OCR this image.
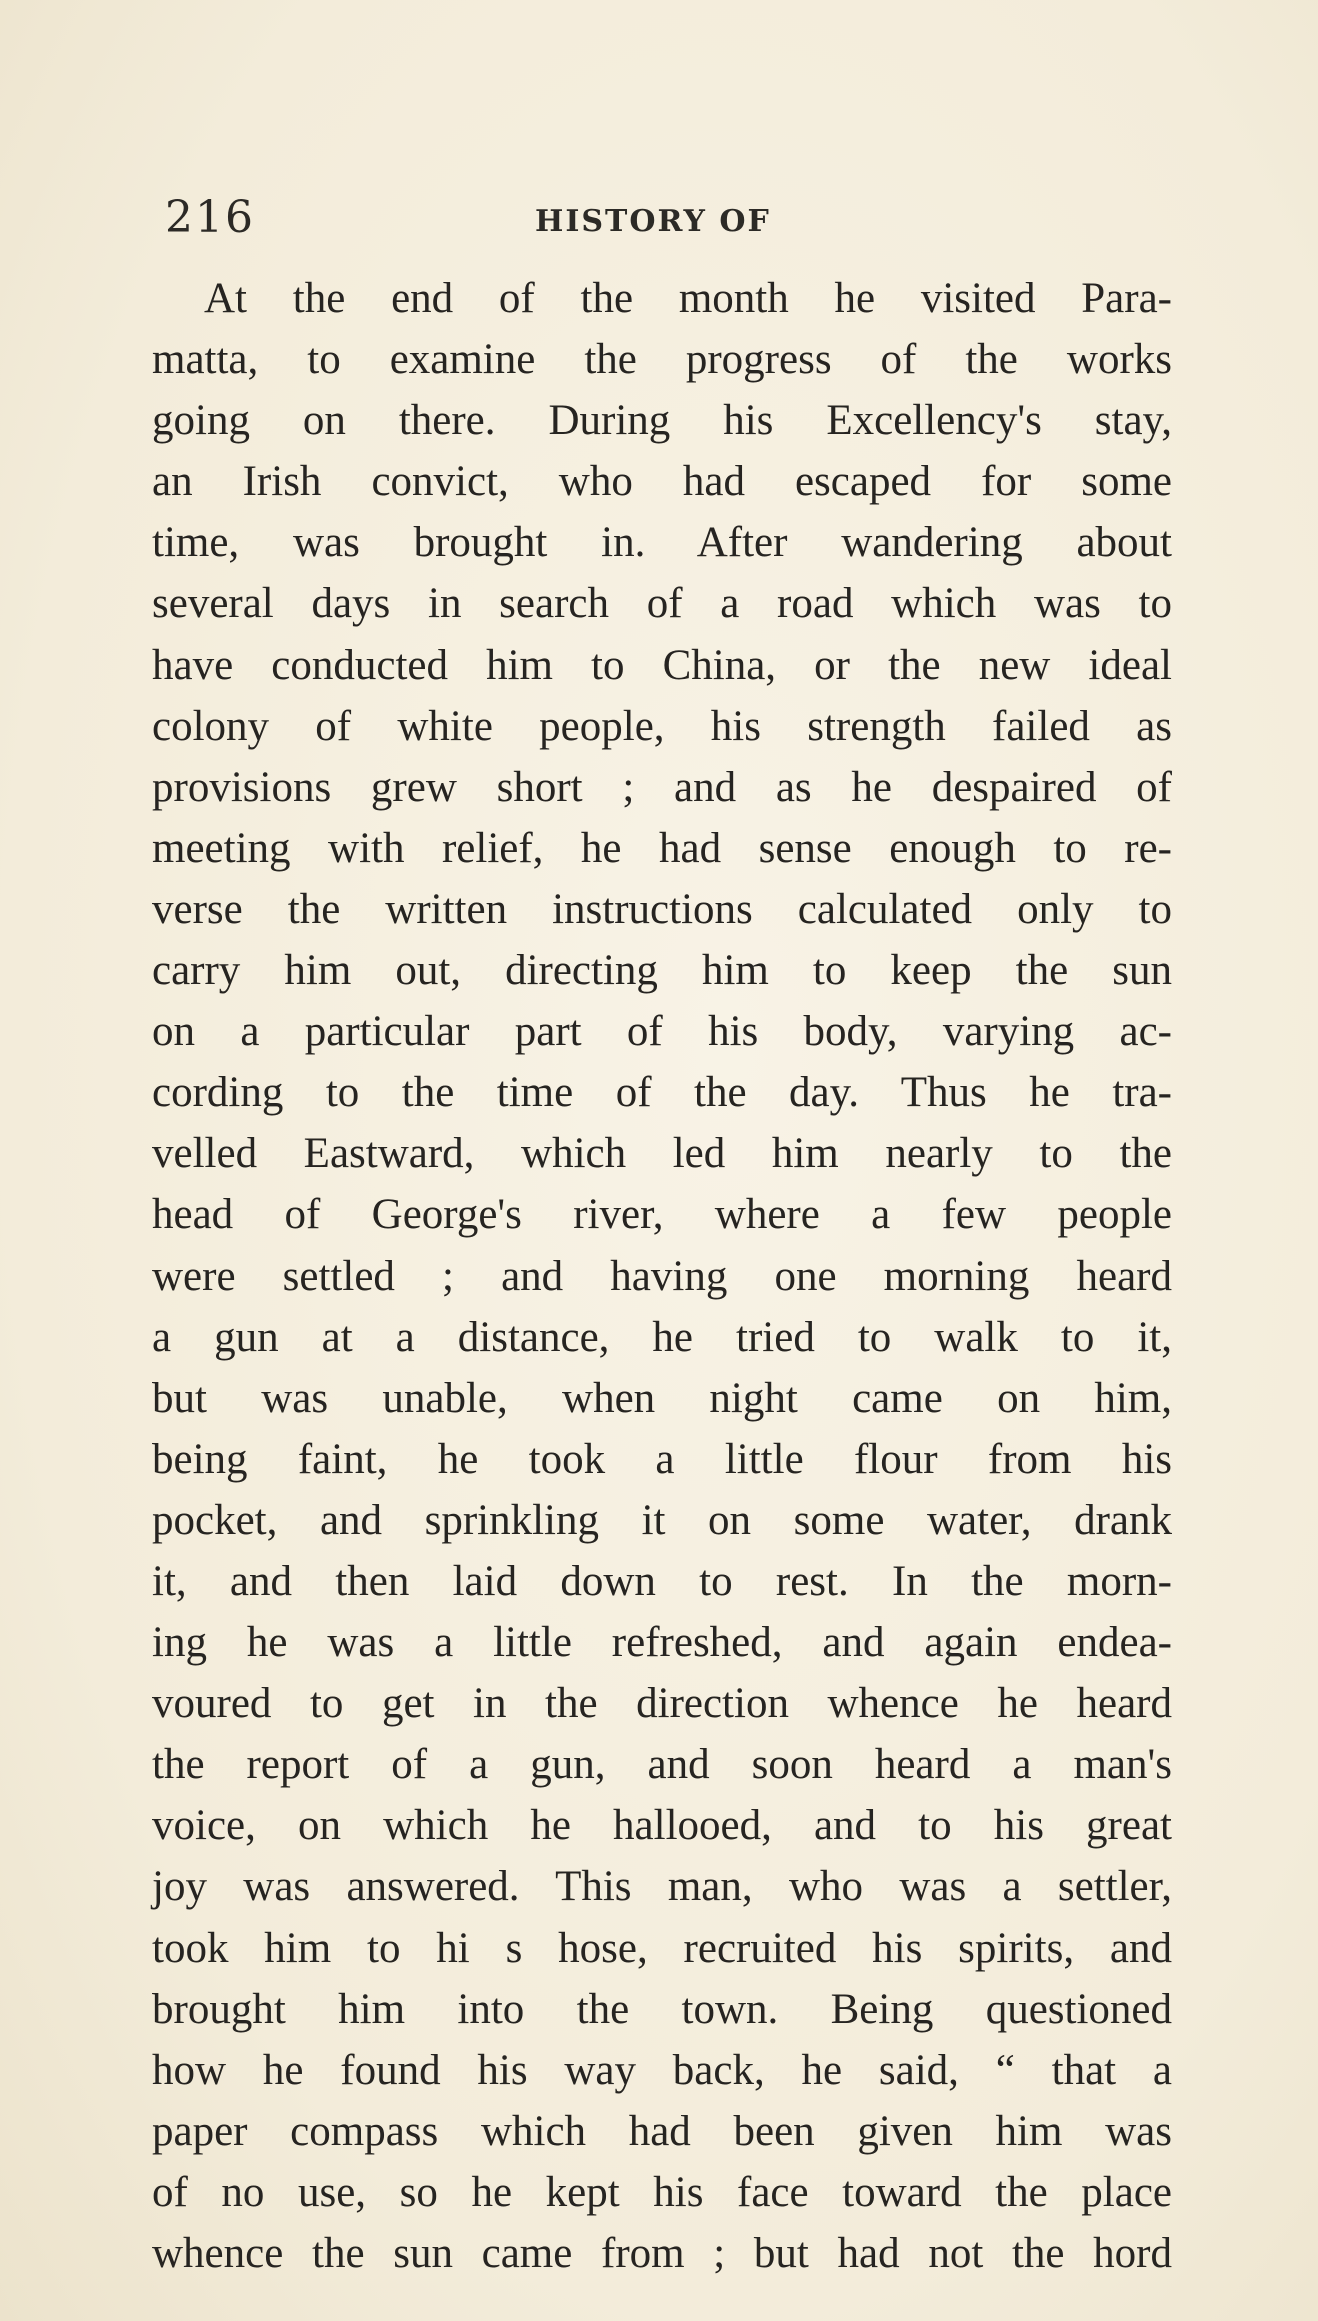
216	HISTORY OF
At the end of the month he visited Para-
matta, to examine the progress of the works
going on there. During his Excellency's stay,
an Irish convict, who had escaped for some
time, was brought in. After wandering about
several days in search of a road which was to
have conducted him to China, or the new ideal
colony of white people, his strength failed as
provisions grew short ; and as he despaired of
meeting with relief, he had sense enough to re-
verse the written instructions calculated only to
carry him out, directing him to keep the sun
on a particular part of his body, varying ac-
cording to the time of the day. Thus he tra-
velled Eastward, which led him nearly to the
head of George's river, where a few people
were settled ; and having one morning heard
a gun at a distance, he tried to walk to it,
but was unable, when night came on him,
being faint, he took a little flour from his
pocket, and sprinkling it on some water, drank
it, and then laid down to rest. In the morn-
ing he was a little refreshed, and again endea-
voured to get in the direction whence he heard
the report of a gun, and soon heard a man's
voice, on which he hallooed, and to his great
joy was answered. This man, who was a settler,
took him to hi s hose, recruited his spirits, and
brought him into the town. Being questioned
how he found his way back, he said, “ that a
paper compass which had been given him was
of no use, so he kept his face toward the place
whence the sun came from ; but had not the hord
